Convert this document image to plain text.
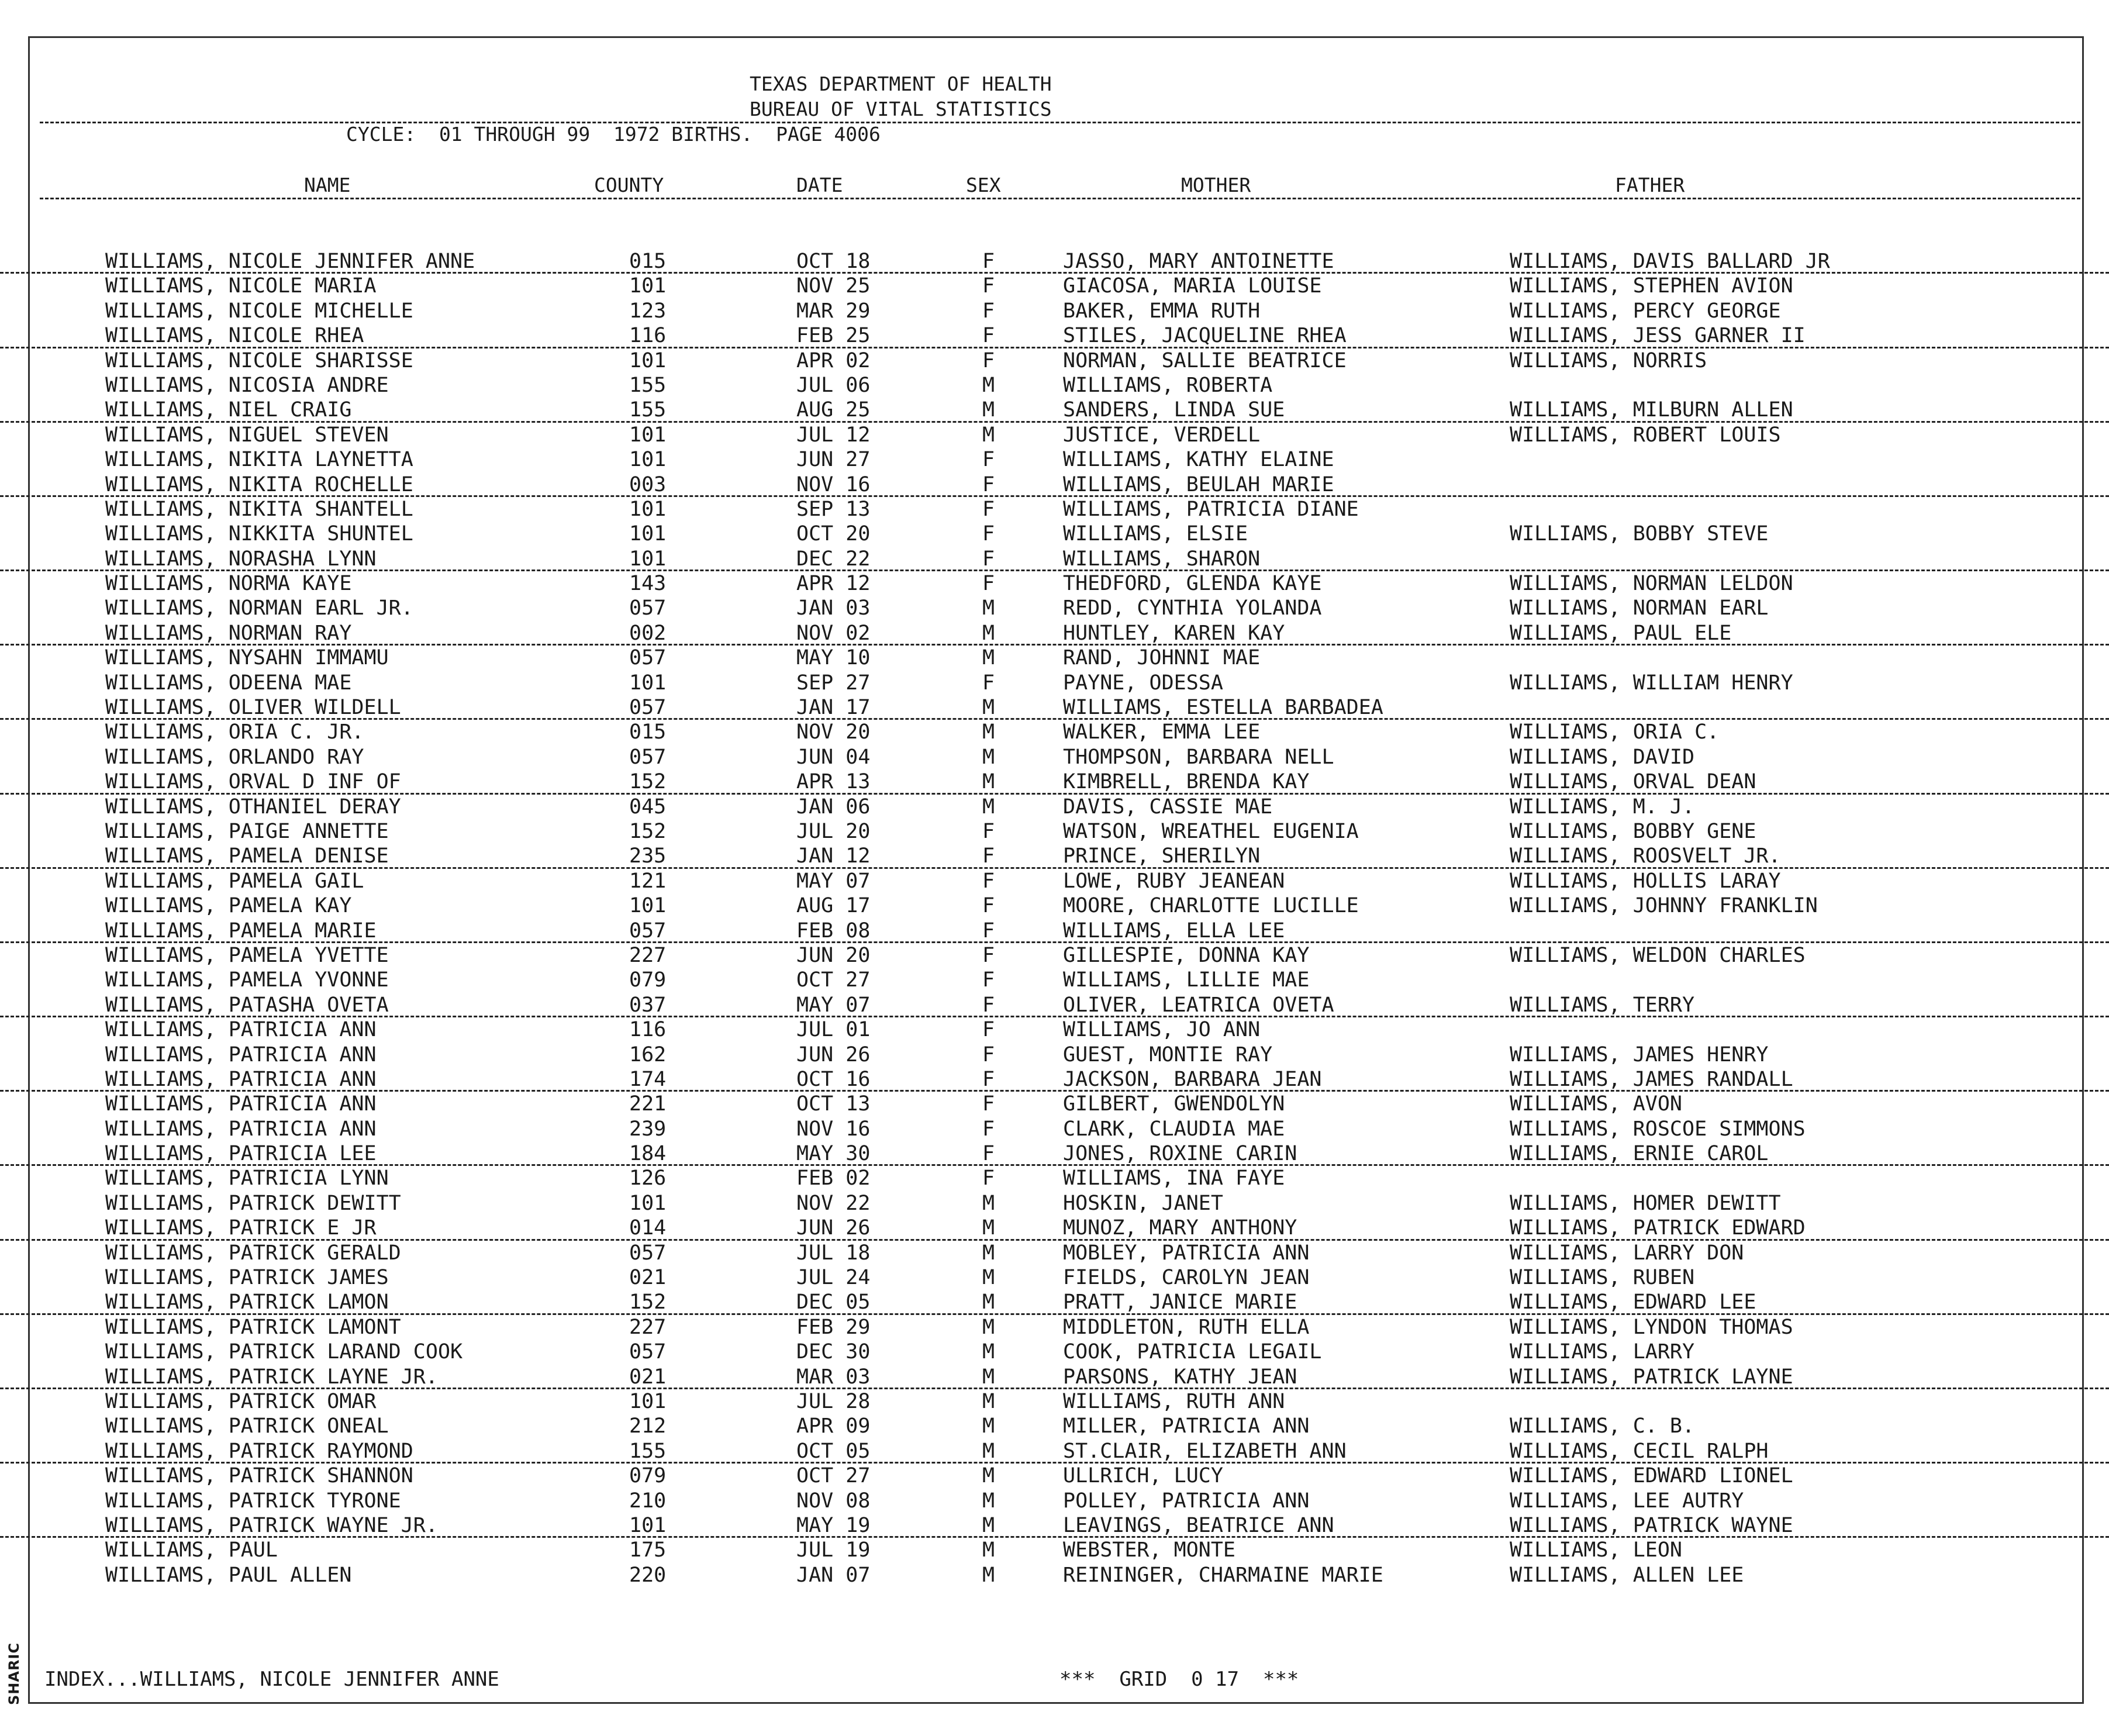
SHARIC
TEXAS DEPARTMENT OF HEALTH
BUREAU OF VITAL STATISTICS
CYCLE:  01 THROUGH 99  1972 BIRTHS.  PAGE 4006
NAME	COUNTY	DATE	SEX	MOTHER	FATHER
WILLIAMS, NICOLE JENNIFER ANNE	015	OCT 18	F	JASSO, MARY ANTOINETTE	WILLIAMS, DAVIS BALLARD JR
WILLIAMS, NICOLE MARIA	101	NOV 25	F	GIACOSA, MARIA LOUISE	WILLIAMS, STEPHEN AVION
WILLIAMS, NICOLE MICHELLE	123	MAR 29	F	BAKER, EMMA RUTH	WILLIAMS, PERCY GEORGE
WILLIAMS, NICOLE RHEA	116	FEB 25	F	STILES, JACQUELINE RHEA	WILLIAMS, JESS GARNER II
WILLIAMS, NICOLE SHARISSE	101	APR 02	F	NORMAN, SALLIE BEATRICE	WILLIAMS, NORRIS
WILLIAMS, NICOSIA ANDRE	155	JUL 06	M	WILLIAMS, ROBERTA
WILLIAMS, NIEL CRAIG	155	AUG 25	M	SANDERS, LINDA SUE	WILLIAMS, MILBURN ALLEN
WILLIAMS, NIGUEL STEVEN	101	JUL 12	M	JUSTICE, VERDELL	WILLIAMS, ROBERT LOUIS
WILLIAMS, NIKITA LAYNETTA	101	JUN 27	F	WILLIAMS, KATHY ELAINE
WILLIAMS, NIKITA ROCHELLE	003	NOV 16	F	WILLIAMS, BEULAH MARIE
WILLIAMS, NIKITA SHANTELL	101	SEP 13	F	WILLIAMS, PATRICIA DIANE
WILLIAMS, NIKKITA SHUNTEL	101	OCT 20	F	WILLIAMS, ELSIE	WILLIAMS, BOBBY STEVE
WILLIAMS, NORASHA LYNN	101	DEC 22	F	WILLIAMS, SHARON
WILLIAMS, NORMA KAYE	143	APR 12	F	THEDFORD, GLENDA KAYE	WILLIAMS, NORMAN LELDON
WILLIAMS, NORMAN EARL JR.	057	JAN 03	M	REDD, CYNTHIA YOLANDA	WILLIAMS, NORMAN EARL
WILLIAMS, NORMAN RAY	002	NOV 02	M	HUNTLEY, KAREN KAY	WILLIAMS, PAUL ELE
WILLIAMS, NYSAHN IMMAMU	057	MAY 10	M	RAND, JOHNNI MAE
WILLIAMS, ODEENA MAE	101	SEP 27	F	PAYNE, ODESSA	WILLIAMS, WILLIAM HENRY
WILLIAMS, OLIVER WILDELL	057	JAN 17	M	WILLIAMS, ESTELLA BARBADEA
WILLIAMS, ORIA C. JR.	015	NOV 20	M	WALKER, EMMA LEE	WILLIAMS, ORIA C.
WILLIAMS, ORLANDO RAY	057	JUN 04	M	THOMPSON, BARBARA NELL	WILLIAMS, DAVID
WILLIAMS, ORVAL D INF OF	152	APR 13	M	KIMBRELL, BRENDA KAY	WILLIAMS, ORVAL DEAN
WILLIAMS, OTHANIEL DERAY	045	JAN 06	M	DAVIS, CASSIE MAE	WILLIAMS, M. J.
WILLIAMS, PAIGE ANNETTE	152	JUL 20	F	WATSON, WREATHEL EUGENIA	WILLIAMS, BOBBY GENE
WILLIAMS, PAMELA DENISE	235	JAN 12	F	PRINCE, SHERILYN	WILLIAMS, ROOSVELT JR.
WILLIAMS, PAMELA GAIL	121	MAY 07	F	LOWE, RUBY JEANEAN	WILLIAMS, HOLLIS LARAY
WILLIAMS, PAMELA KAY	101	AUG 17	F	MOORE, CHARLOTTE LUCILLE	WILLIAMS, JOHNNY FRANKLIN
WILLIAMS, PAMELA MARIE	057	FEB 08	F	WILLIAMS, ELLA LEE
WILLIAMS, PAMELA YVETTE	227	JUN 20	F	GILLESPIE, DONNA KAY	WILLIAMS, WELDON CHARLES
WILLIAMS, PAMELA YVONNE	079	OCT 27	F	WILLIAMS, LILLIE MAE
WILLIAMS, PATASHA OVETA	037	MAY 07	F	OLIVER, LEATRICA OVETA	WILLIAMS, TERRY
WILLIAMS, PATRICIA ANN	116	JUL 01	F	WILLIAMS, JO ANN
WILLIAMS, PATRICIA ANN	162	JUN 26	F	GUEST, MONTIE RAY	WILLIAMS, JAMES HENRY
WILLIAMS, PATRICIA ANN	174	OCT 16	F	JACKSON, BARBARA JEAN	WILLIAMS, JAMES RANDALL
WILLIAMS, PATRICIA ANN	221	OCT 13	F	GILBERT, GWENDOLYN	WILLIAMS, AVON
WILLIAMS, PATRICIA ANN	239	NOV 16	F	CLARK, CLAUDIA MAE	WILLIAMS, ROSCOE SIMMONS
WILLIAMS, PATRICIA LEE	184	MAY 30	F	JONES, ROXINE CARIN	WILLIAMS, ERNIE CAROL
WILLIAMS, PATRICIA LYNN	126	FEB 02	F	WILLIAMS, INA FAYE
WILLIAMS, PATRICK DEWITT	101	NOV 22	M	HOSKIN, JANET	WILLIAMS, HOMER DEWITT
WILLIAMS, PATRICK E JR	014	JUN 26	M	MUNOZ, MARY ANTHONY	WILLIAMS, PATRICK EDWARD
WILLIAMS, PATRICK GERALD	057	JUL 18	M	MOBLEY, PATRICIA ANN	WILLIAMS, LARRY DON
WILLIAMS, PATRICK JAMES	021	JUL 24	M	FIELDS, CAROLYN JEAN	WILLIAMS, RUBEN
WILLIAMS, PATRICK LAMON	152	DEC 05	M	PRATT, JANICE MARIE	WILLIAMS, EDWARD LEE
WILLIAMS, PATRICK LAMONT	227	FEB 29	M	MIDDLETON, RUTH ELLA	WILLIAMS, LYNDON THOMAS
WILLIAMS, PATRICK LARAND COOK	057	DEC 30	M	COOK, PATRICIA LEGAIL	WILLIAMS, LARRY
WILLIAMS, PATRICK LAYNE JR.	021	MAR 03	M	PARSONS, KATHY JEAN	WILLIAMS, PATRICK LAYNE
WILLIAMS, PATRICK OMAR	101	JUL 28	M	WILLIAMS, RUTH ANN
WILLIAMS, PATRICK ONEAL	212	APR 09	M	MILLER, PATRICIA ANN	WILLIAMS, C. B.
WILLIAMS, PATRICK RAYMOND	155	OCT 05	M	ST.CLAIR, ELIZABETH ANN	WILLIAMS, CECIL RALPH
WILLIAMS, PATRICK SHANNON	079	OCT 27	M	ULLRICH, LUCY	WILLIAMS, EDWARD LIONEL
WILLIAMS, PATRICK TYRONE	210	NOV 08	M	POLLEY, PATRICIA ANN	WILLIAMS, LEE AUTRY
WILLIAMS, PATRICK WAYNE JR.	101	MAY 19	M	LEAVINGS, BEATRICE ANN	WILLIAMS, PATRICK WAYNE
WILLIAMS, PAUL	175	JUL 19	M	WEBSTER, MONTE	WILLIAMS, LEON
WILLIAMS, PAUL ALLEN	220	JAN 07	M	REININGER, CHARMAINE MARIE	WILLIAMS, ALLEN LEE
INDEX...WILLIAMS, NICOLE JENNIFER ANNE	***  GRID  0 17  ***
